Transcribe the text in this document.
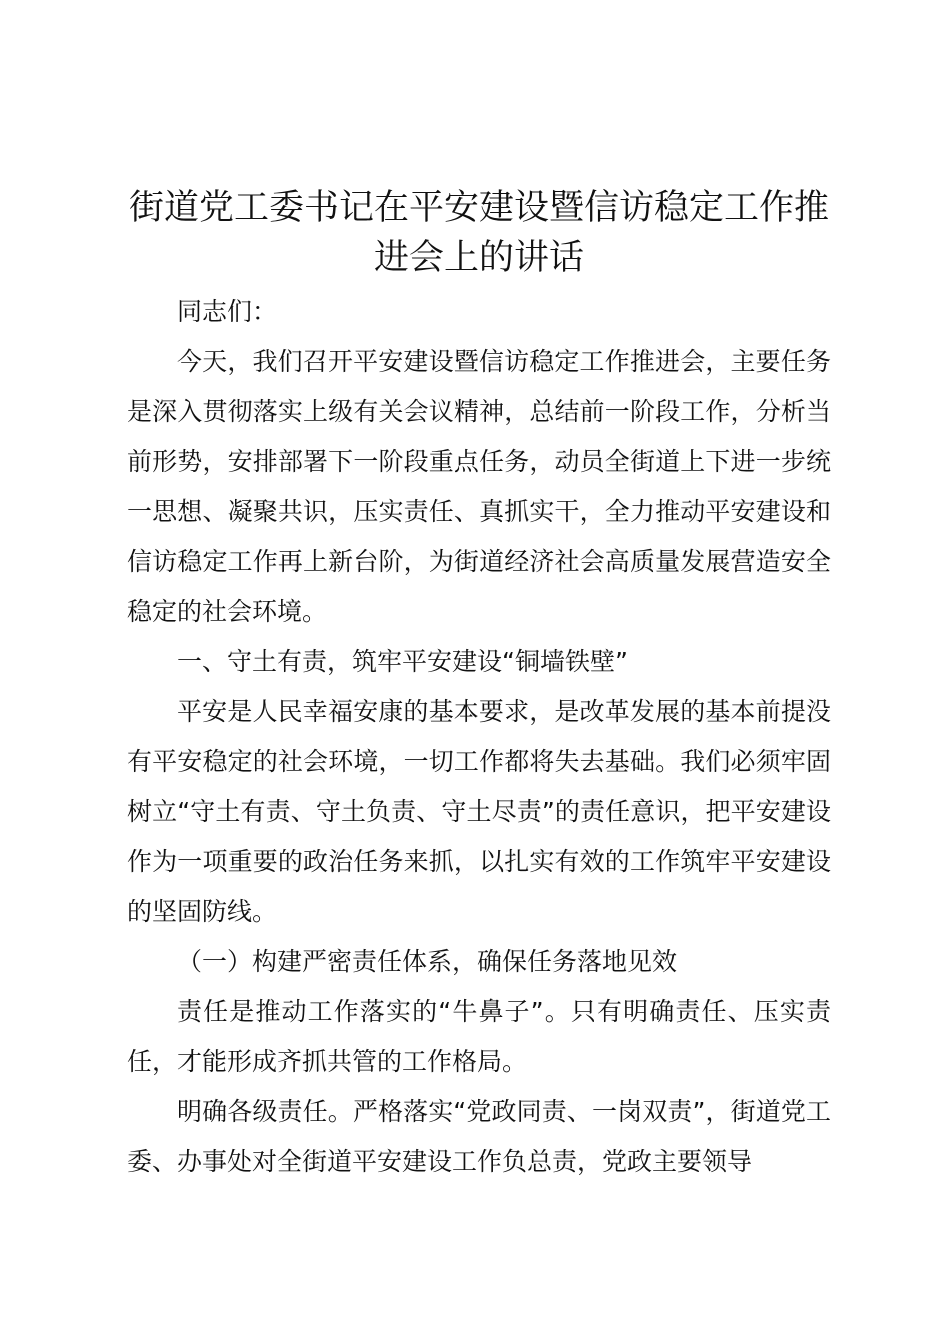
街道党工委书记在平安建设暨信访稳定工作推进会上的讲话

同志们：

今天，我们召开平安建设暨信访稳定工作推进会，主要任务是深入贯彻落实上级有关会议精神，总结前一阶段工作，分析当前形势，安排部署下一阶段重点任务，动员全街道上下进一步统一思想、凝聚共识，压实责任、真抓实干，全力推动平安建设和信访稳定工作再上新台阶，为街道经济社会高质量发展营造安全稳定的社会环境。

一、守土有责，筑牢平安建设“铜墙铁壁”

平安是人民幸福安康的基本要求，是改革发展的基本前提没有平安稳定的社会环境，一切工作都将失去基础。我们必须牢固树立“守土有责、守土负责、守土尽责”的责任意识，把平安建设作为一项重要的政治任务来抓，以扎实有效的工作筑牢平安建设的坚固防线。

（一）构建严密责任体系，确保任务落地见效

责任是推动工作落实的“牛鼻子”。只有明确责任、压实责任，才能形成齐抓共管的工作格局。

明确各级责任。严格落实“党政同责、一岗双责”，街道党工委、办事处对全街道平安建设工作负总责，党政主要领导
